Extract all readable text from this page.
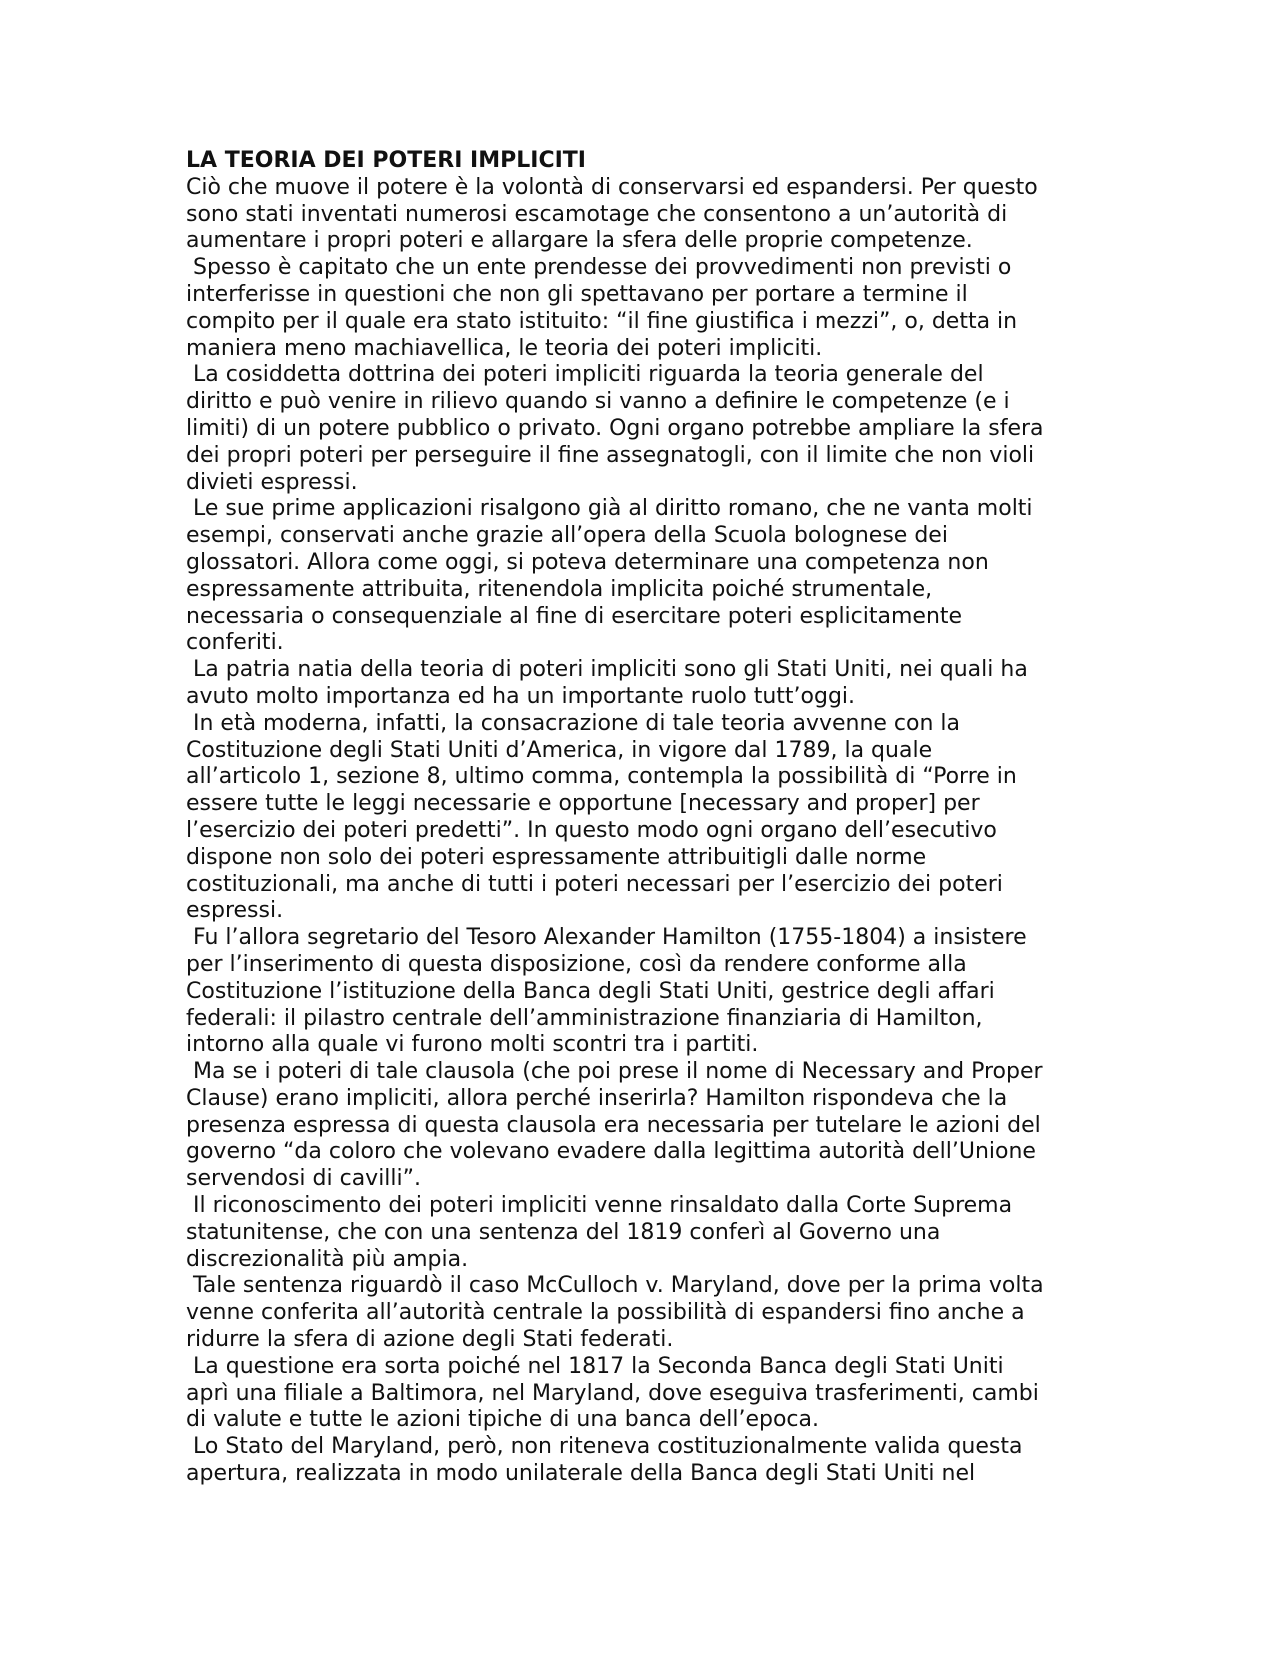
LA TEORIA DEI POTERI IMPLICITI
Ciò che muove il potere è la volontà di conservarsi ed espandersi. Per questo
sono stati inventati numerosi escamotage che consentono a un’autorità di
aumentare i propri poteri e allargare la sfera delle proprie competenze.
Spesso è capitato che un ente prendesse dei provvedimenti non previsti o
interferisse in questioni che non gli spettavano per portare a termine il
compito per il quale era stato istituito: “il fine giustifica i mezzi”, o, detta in
maniera meno machiavellica, le teoria dei poteri impliciti.
La cosiddetta dottrina dei poteri impliciti riguarda la teoria generale del
diritto e può venire in rilievo quando si vanno a definire le competenze (e i
limiti) di un potere pubblico o privato. Ogni organo potrebbe ampliare la sfera
dei propri poteri per perseguire il fine assegnatogli, con il limite che non violi
divieti espressi.
Le sue prime applicazioni risalgono già al diritto romano, che ne vanta molti
esempi, conservati anche grazie all’opera della Scuola bolognese dei
glossatori. Allora come oggi, si poteva determinare una competenza non
espressamente attribuita, ritenendola implicita poiché strumentale,
necessaria o consequenziale al fine di esercitare poteri esplicitamente
conferiti.
La patria natia della teoria di poteri impliciti sono gli Stati Uniti, nei quali ha
avuto molto importanza ed ha un importante ruolo tutt’oggi.
In età moderna, infatti, la consacrazione di tale teoria avvenne con la
Costituzione degli Stati Uniti d’America, in vigore dal 1789, la quale
all’articolo 1, sezione 8, ultimo comma, contempla la possibilità di “Porre in
essere tutte le leggi necessarie e opportune [necessary and proper] per
l’esercizio dei poteri predetti”. In questo modo ogni organo dell’esecutivo
dispone non solo dei poteri espressamente attribuitigli dalle norme
costituzionali, ma anche di tutti i poteri necessari per l’esercizio dei poteri
espressi.
Fu l’allora segretario del Tesoro Alexander Hamilton (1755-1804) a insistere
per l’inserimento di questa disposizione, così da rendere conforme alla
Costituzione l’istituzione della Banca degli Stati Uniti, gestrice degli affari
federali: il pilastro centrale dell’amministrazione finanziaria di Hamilton,
intorno alla quale vi furono molti scontri tra i partiti.
Ma se i poteri di tale clausola (che poi prese il nome di Necessary and Proper
Clause) erano impliciti, allora perché inserirla? Hamilton rispondeva che la
presenza espressa di questa clausola era necessaria per tutelare le azioni del
governo “da coloro che volevano evadere dalla legittima autorità dell’Unione
servendosi di cavilli”.
Il riconoscimento dei poteri impliciti venne rinsaldato dalla Corte Suprema
statunitense, che con una sentenza del 1819 conferì al Governo una
discrezionalità più ampia.
Tale sentenza riguardò il caso McCulloch v. Maryland, dove per la prima volta
venne conferita all’autorità centrale la possibilità di espandersi fino anche a
ridurre la sfera di azione degli Stati federati.
La questione era sorta poiché nel 1817 la Seconda Banca degli Stati Uniti
aprì una filiale a Baltimora, nel Maryland, dove eseguiva trasferimenti, cambi
di valute e tutte le azioni tipiche di una banca dell’epoca.
Lo Stato del Maryland, però, non riteneva costituzionalmente valida questa
apertura, realizzata in modo unilaterale della Banca degli Stati Uniti nel
